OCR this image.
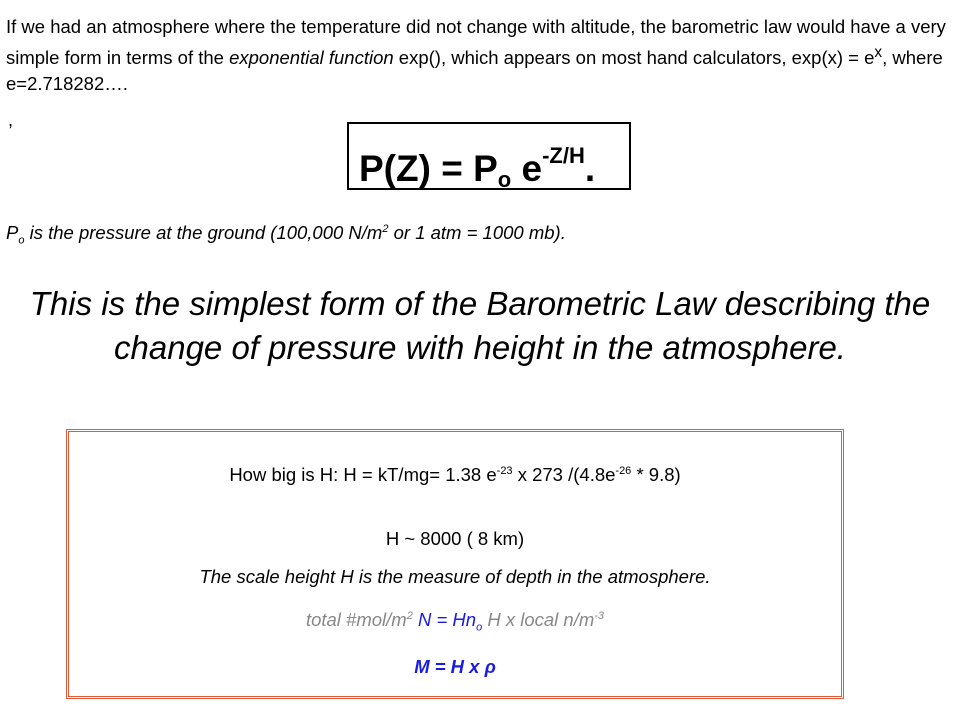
If we had an atmosphere where the temperature did not change with altitude, the barometric law would have a very simple form in terms of the exponential function exp(), which appears on most hand calculators, $\exp(x) = e^x$, where e=2.718282….
,
$P(Z) = P_o$ $e^{-Z/H}$.
$P_o$ is the pressure at the ground (100,000 $N/m^2$ or 1 atm = 1000 mb).
This is the simplest form of the Barometric Law describing the change of pressure with height in the atmosphere.
How big is H: H = kT/mg= 1.38 $e^{-23}$ x 273 $/(4.8e^{-26} * 9.8)$
H ~ 8000 ( 8 km)
The scale height H is the measure of depth in the atmosphere.
total $\#mol/m^2$ $N = Hn_o$ H x local $n/m^{-3}$
M = H x ρ
